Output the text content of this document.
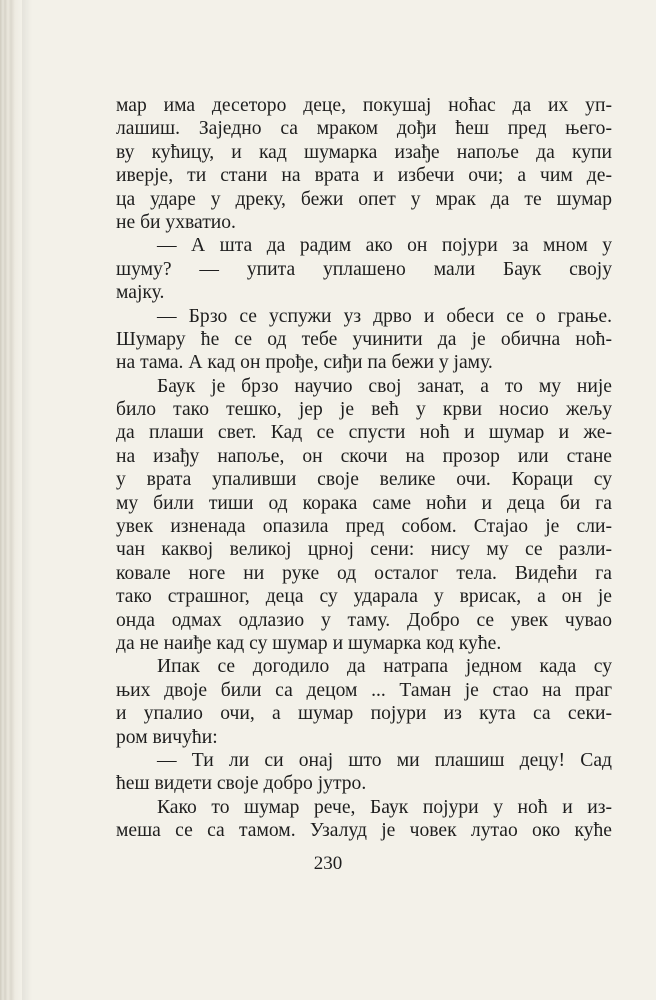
мар има десеторо деце, покушај ноћас да их уп-
лашиш. Заједно са мраком дођи ћеш пред њего-
ву кућицу, и кад шумарка изађе напоље да купи
иверје, ти стани на врата и избечи очи; а чим де-
ца ударе у дреку, бежи опет у мрак да те шумар
не би ухватио.
— А шта да радим ако он појури за мном у
шуму? — упита уплашено мали Баук своју
мајку.
— Брзо се успужи уз дрво и обеси се о грање.
Шумару ће се од тебе учинити да је обична ноћ-
на тама. А кад он прође, сиђи па бежи у јаму.
Баук је брзо научио свој занат, а то му није
било тако тешко, јер је већ у крви носио жељу
да плаши свет. Кад се спусти ноћ и шумар и же-
на изађу напоље, он скочи на прозор или стане
у врата упаливши своје велике очи. Кораци су
му били тиши од корака саме ноћи и деца би га
увек изненада опазила пред собом. Стајао је сли-
чан каквој великој црној сени: нису му се разли-
ковале ноге ни руке од осталог тела. Видећи га
тако страшног, деца су ударала у врисак, а он је
онда одмах одлазио у таму. Добро се увек чувао
да не наиђе кад су шумар и шумарка код куће.
Ипак се догодило да натрапа једном када су
њих двоје били са децом ... Таман је стао на праг
и упалио очи, а шумар појури из кута са секи-
ром вичући:
— Ти ли си онај што ми плашиш децу! Сад
ћеш видети своје добро јутро.
Како то шумар рече, Баук појури у ноћ и из-
меша се са тамом. Узалуд је човек лутао око куће
230
